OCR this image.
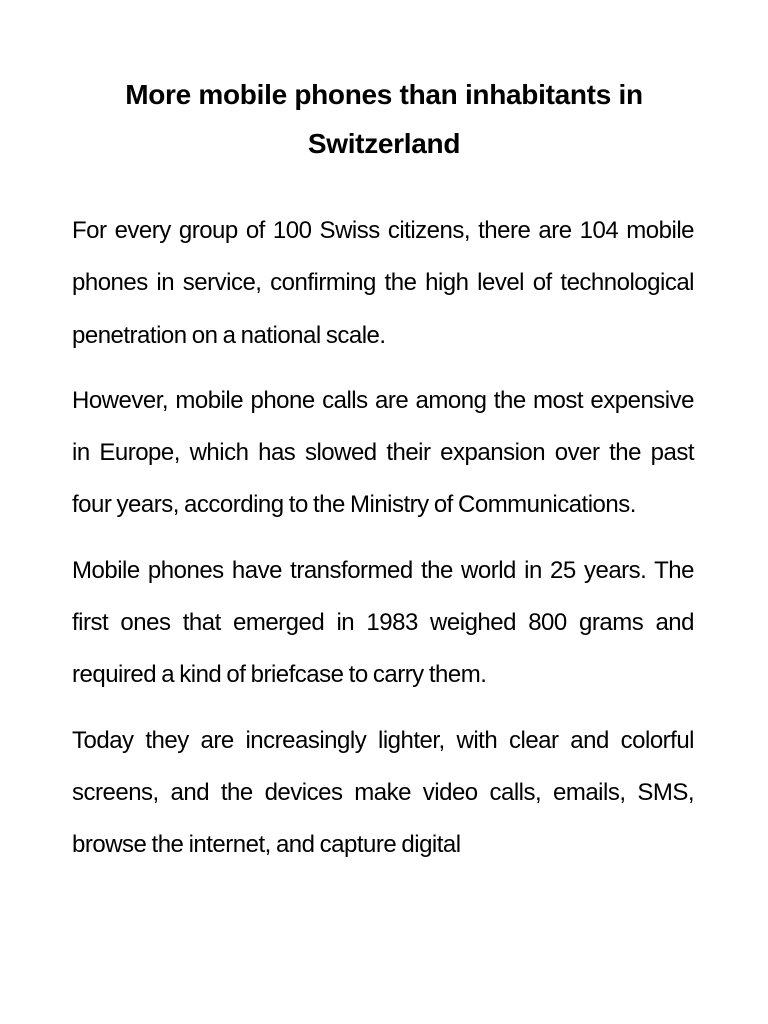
More mobile phones than inhabitants in Switzerland

For every group of 100 Swiss citizens, there are 104 mobile phones in service, confirming the high level of technological penetration on a national scale.

However, mobile phone calls are among the most expensive in Europe, which has slowed their expansion over the past four years, according to the Ministry of Communications.

Mobile phones have transformed the world in 25 years. The first ones that emerged in 1983 weighed 800 grams and required a kind of briefcase to carry them.

Today they are increasingly lighter, with clear and colorful screens, and the devices make video calls, emails, SMS, browse the internet, and capture digital
